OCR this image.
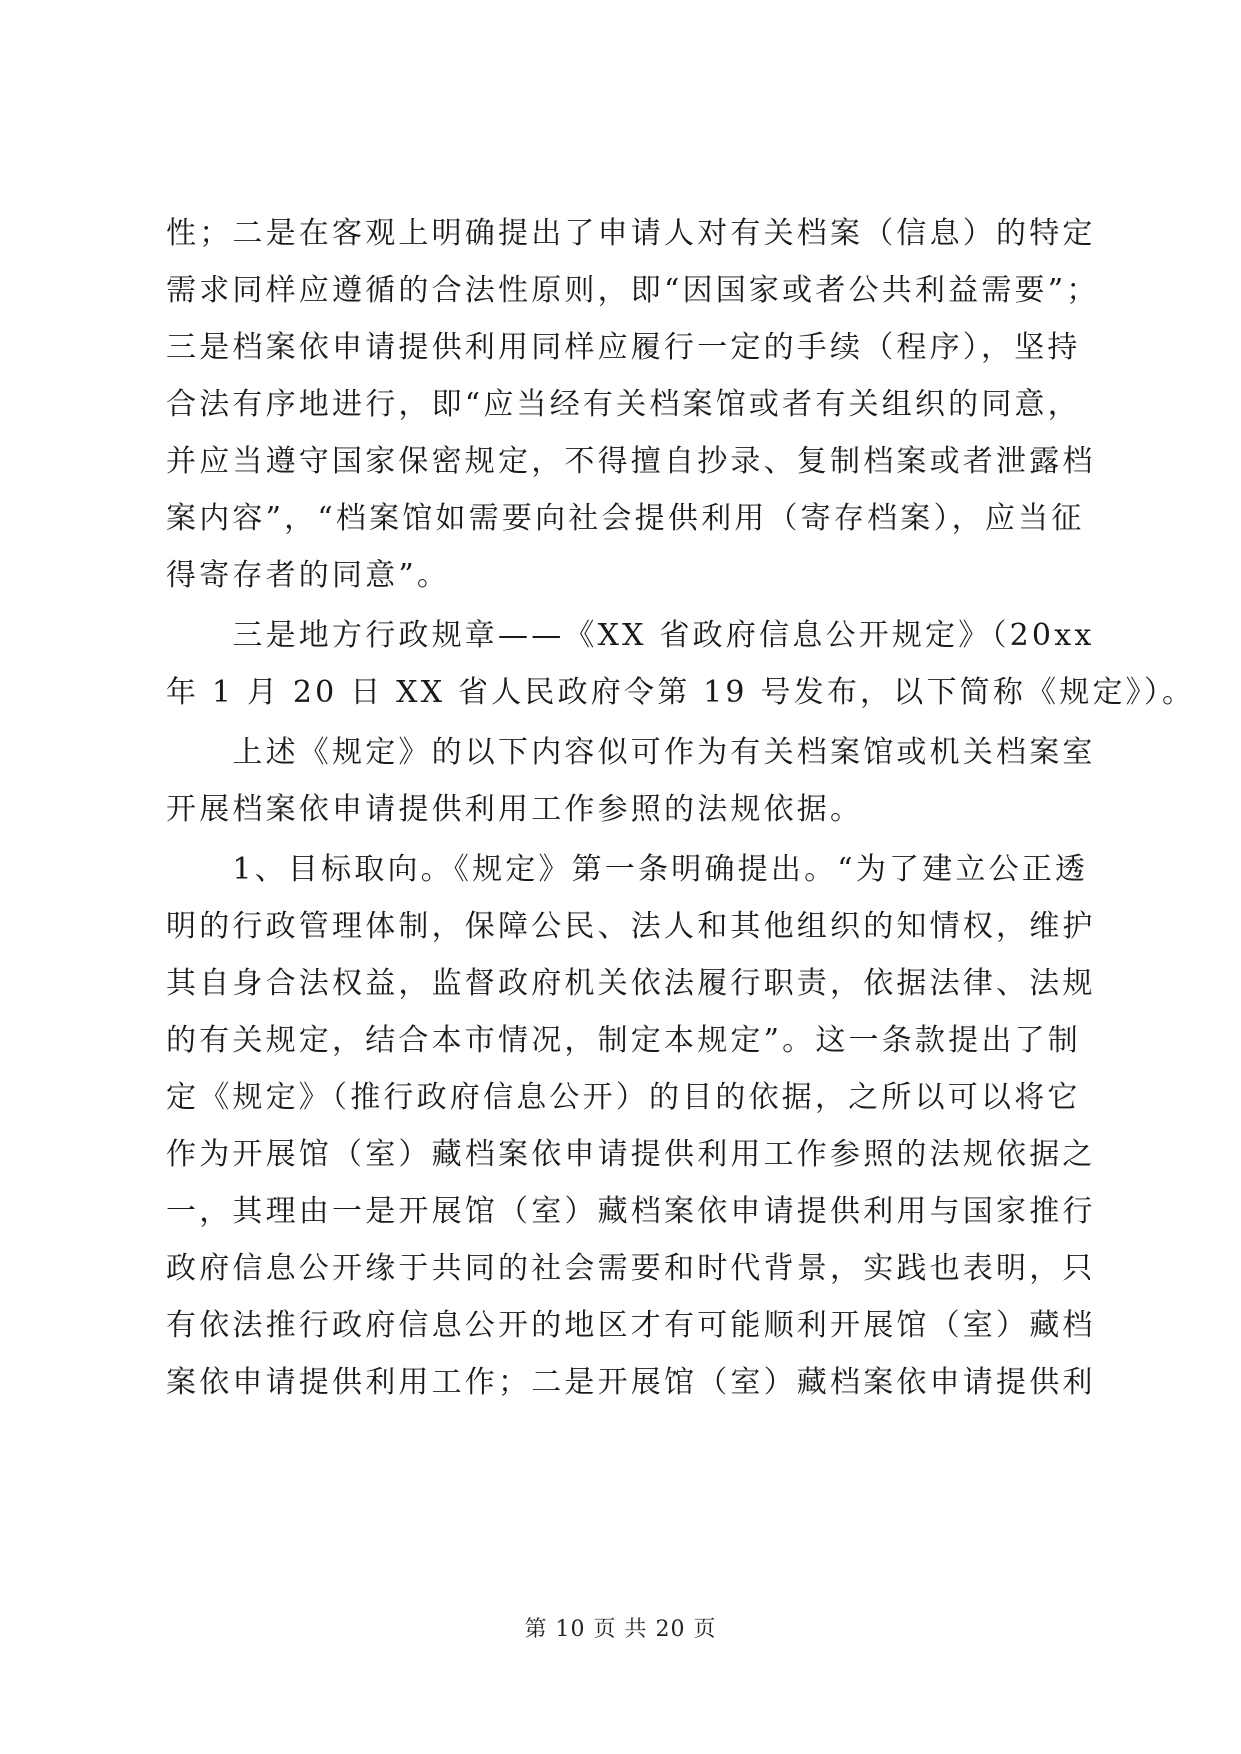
性；二是在客观上明确提出了申请人对有关档案（信息）的特定
需求同样应遵循的合法性原则，即“因国家或者公共利益需要”；
三是档案依申请提供利用同样应履行一定的手续（程序），坚持
合法有序地进行，即“应当经有关档案馆或者有关组织的同意，
并应当遵守国家保密规定，不得擅自抄录、复制档案或者泄露档
案内容”，“档案馆如需要向社会提供利用（寄存档案），应当征
得寄存者的同意”。
　　三是地方行政规章——《XX 省政府信息公开规定》（20xx
年 1 月 20 日 XX 省人民政府令第 19 号发布，以下简称《规定》）。
　　上述《规定》的以下内容似可作为有关档案馆或机关档案室
开展档案依申请提供利用工作参照的法规依据。
　　1、目标取向。《规定》第一条明确提出。“为了建立公正透
明的行政管理体制，保障公民、法人和其他组织的知情权，维护
其自身合法权益，监督政府机关依法履行职责，依据法律、法规
的有关规定，结合本市情况，制定本规定”。这一条款提出了制
定《规定》（推行政府信息公开）的目的依据，之所以可以将它
作为开展馆（室）藏档案依申请提供利用工作参照的法规依据之
一，其理由一是开展馆（室）藏档案依申请提供利用与国家推行
政府信息公开缘于共同的社会需要和时代背景，实践也表明，只
有依法推行政府信息公开的地区才有可能顺利开展馆（室）藏档
案依申请提供利用工作；二是开展馆（室）藏档案依申请提供利
第 10 页 共 20 页
